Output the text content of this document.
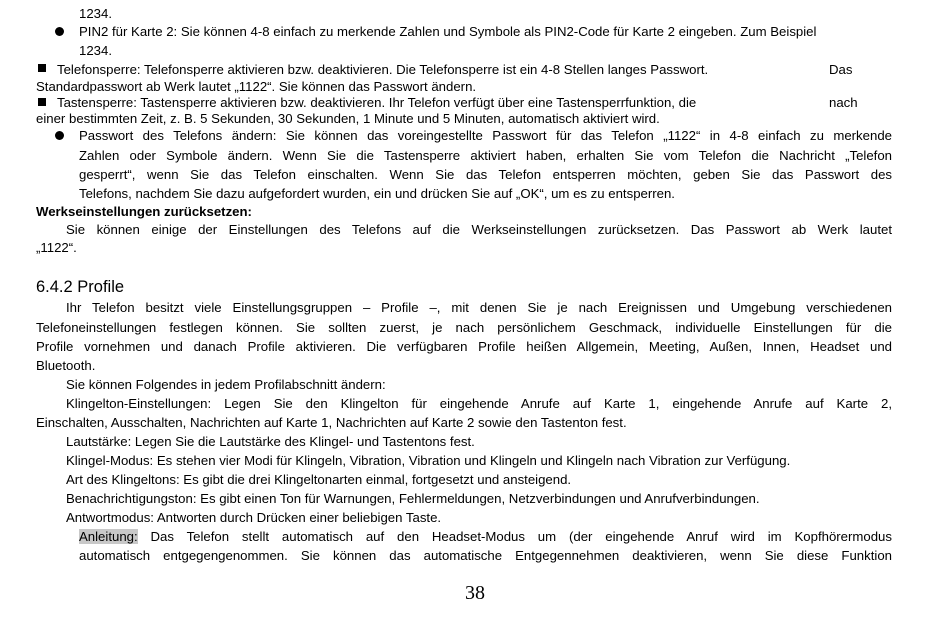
1234.
PIN2 für Karte 2: Sie können 4-8 einfach zu merkende Zahlen und Symbole als PIN2-Code für Karte 2 eingeben. Zum Beispiel
1234.
Telefonsperre: Telefonsperre aktivieren bzw. deaktivieren. Die Telefonsperre ist ein 4-8 Stellen langes Passwort.	Das
Standardpasswort ab Werk lautet „1122“. Sie können das Passwort ändern.
Tastensperre: Tastensperre aktivieren bzw. deaktivieren. Ihr Telefon verfügt über eine Tastensperrfunktion, die	nach
einer bestimmten Zeit, z. B. 5 Sekunden, 30 Sekunden, 1 Minute und 5 Minuten, automatisch aktiviert wird.
Passwort des Telefons ändern: Sie können das voreingestellte Passwort für das Telefon „1122“ in 4-8 einfach zu merkende
Zahlen oder Symbole ändern. Wenn Sie die Tastensperre aktiviert haben, erhalten Sie vom Telefon die Nachricht „Telefon
gesperrt“, wenn Sie das Telefon einschalten. Wenn Sie das Telefon entsperren möchten, geben Sie das Passwort des
Telefons, nachdem Sie dazu aufgefordert wurden, ein und drücken Sie auf „OK“, um es zu entsperren.
Werkseinstellungen zurücksetzen:
Sie können einige der Einstellungen des Telefons auf die Werkseinstellungen zurücksetzen. Das Passwort ab Werk lautet
„1122“.
6.4.2 Profile
Ihr Telefon besitzt viele Einstellungsgruppen – Profile –, mit denen Sie je nach Ereignissen und Umgebung verschiedenen
Telefoneinstellungen festlegen können. Sie sollten zuerst, je nach persönlichem Geschmack, individuelle Einstellungen für die
Profile vornehmen und danach Profile aktivieren. Die verfügbaren Profile heißen Allgemein, Meeting, Außen, Innen, Headset und
Bluetooth.
Sie können Folgendes in jedem Profilabschnitt ändern:
Klingelton-Einstellungen: Legen Sie den Klingelton für eingehende Anrufe auf Karte 1, eingehende Anrufe auf Karte 2,
Einschalten, Ausschalten, Nachrichten auf Karte 1, Nachrichten auf Karte 2 sowie den Tastenton fest.
Lautstärke: Legen Sie die Lautstärke des Klingel- und Tastentons fest.
Klingel-Modus: Es stehen vier Modi für Klingeln, Vibration, Vibration und Klingeln und Klingeln nach Vibration zur Verfügung.
Art des Klingeltons: Es gibt die drei Klingeltonarten einmal, fortgesetzt und ansteigend.
Benachrichtigungston: Es gibt einen Ton für Warnungen, Fehlermeldungen, Netzverbindungen und Anrufverbindungen.
Antwortmodus: Antworten durch Drücken einer beliebigen Taste.
Anleitung: Das Telefon stellt automatisch auf den Headset-Modus um (der eingehende Anruf wird im Kopfhörermodus
automatisch entgegengenommen. Sie können das automatische Entgegennehmen deaktivieren, wenn Sie diese Funktion
38
